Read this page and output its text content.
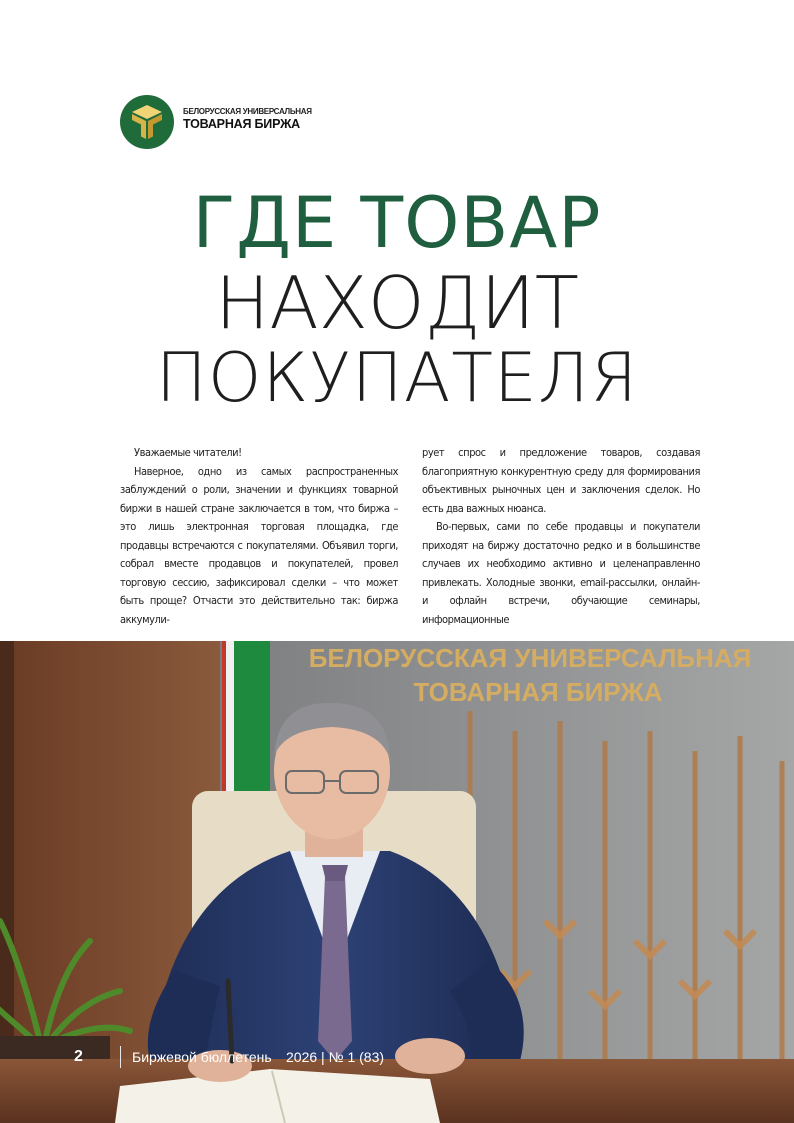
БЕЛОРУССКАЯ УНИВЕРСАЛЬНАЯ
ТОВАРНАЯ БИРЖА
ГДЕ ТОВАР
НАХОДИТ
ПОКУПАТЕЛЯ

Уважаемые читатели!

Наверное, одно из самых распространенных заблуждений о роли, значении и функциях товарной биржи в нашей стране заключается в том, что биржа – это лишь электронная торговая площадка, где продавцы встречаются с покупателями. Объявил торги, собрал вместе продавцов и покупателей, провел торговую сессию, зафиксировал сделки – что может быть проще? Отчасти это действительно так: биржа аккумули-

рует спрос и предложение товаров, создавая благоприятную конкурентную среду для формирования объективных рыночных цен и заключения сделок. Но есть два важных нюанса.

Во-первых, сами по себе продавцы и покупатели приходят на биржу достаточно редко и в большинстве случаев их необходимо активно и целенаправленно привлекать. Холодные звонки, email-рассылки, онлайн- и офлайн встречи, обучающие семинары, информационные

БЕЛОРУССКАЯ УНИВЕРСАЛЬНАЯ
ТОВАРНАЯ БИРЖА
2	Биржевой бюллетень 2026 | № 1 (83)
